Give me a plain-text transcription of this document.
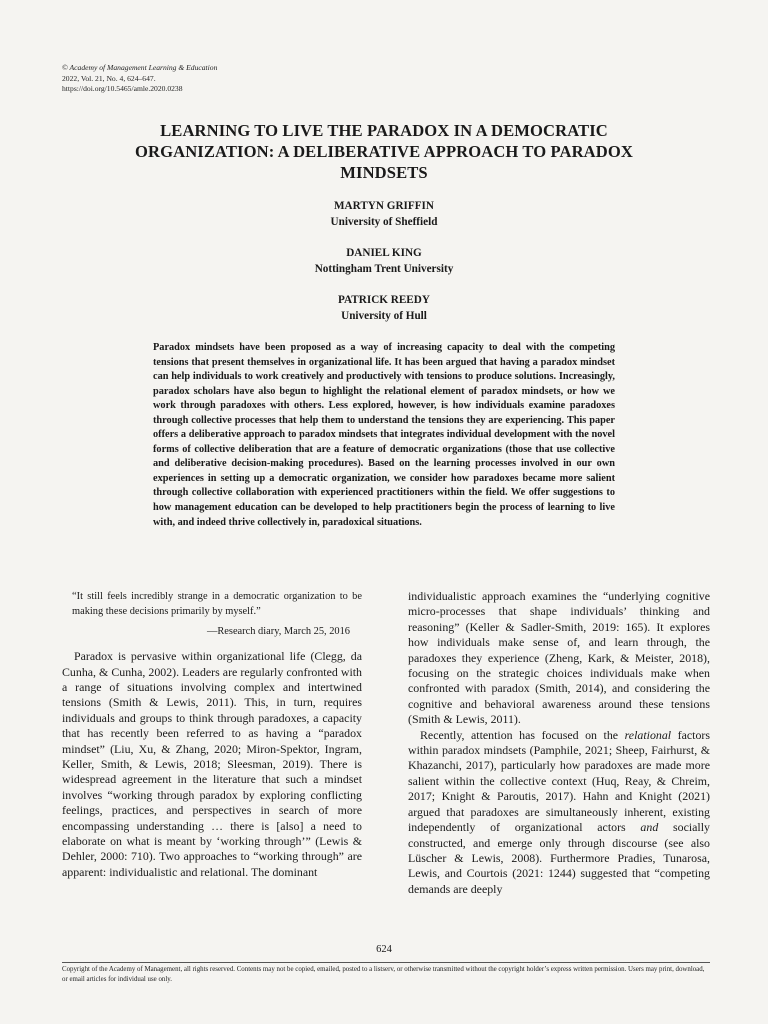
© Academy of Management Learning & Education
2022, Vol. 21, No. 4, 624–647.
https://doi.org/10.5465/amle.2020.0238
LEARNING TO LIVE THE PARADOX IN A DEMOCRATIC ORGANIZATION: A DELIBERATIVE APPROACH TO PARADOX MINDSETS
MARTYN GRIFFIN
University of Sheffield
DANIEL KING
Nottingham Trent University
PATRICK REEDY
University of Hull
Paradox mindsets have been proposed as a way of increasing capacity to deal with the competing tensions that present themselves in organizational life. It has been argued that having a paradox mindset can help individuals to work creatively and productively with tensions to produce solutions. Increasingly, paradox scholars have also begun to highlight the relational element of paradox mindsets, or how we work through paradoxes with others. Less explored, however, is how individuals examine paradoxes through collective processes that help them to understand the tensions they are experiencing. This paper offers a deliberative approach to paradox mindsets that integrates individual development with the novel forms of collective deliberation that are a feature of democratic organizations (those that use collective and deliberative decision-making procedures). Based on the learning processes involved in our own experiences in setting up a democratic organization, we consider how paradoxes became more salient through collective collaboration with experienced practitioners within the field. We offer suggestions to how management education can be developed to help practitioners begin the process of learning to live with, and indeed thrive collectively in, paradoxical situations.

“It still feels incredibly strange in a democratic organization to be making these decisions primarily by myself.”

—Research diary, March 25, 2016

Paradox is pervasive within organizational life (Clegg, da Cunha, & Cunha, 2002). Leaders are regularly confronted with a range of situations involving complex and intertwined tensions (Smith & Lewis, 2011). This, in turn, requires individuals and groups to think through paradoxes, a capacity that has recently been referred to as having a “paradox mindset” (Liu, Xu, & Zhang, 2020; Miron-Spektor, Ingram, Keller, Smith, & Lewis, 2018; Sleesman, 2019). There is widespread agreement in the literature that such a mindset involves “working through paradox by exploring conflicting feelings, practices, and perspectives in search of more encompassing understanding … there is [also] a need to elaborate on what is meant by ‘working through’” (Lewis & Dehler, 2000: 710). Two approaches to “working through” are apparent: individualistic and relational. The dominant

individualistic approach examines the “underlying cognitive micro-processes that shape individuals’ thinking and reasoning” (Keller & Sadler-Smith, 2019: 165). It explores how individuals make sense of, and learn through, the paradoxes they experience (Zheng, Kark, & Meister, 2018), focusing on the strategic choices individuals make when confronted with paradox (Smith, 2014), and considering the cognitive and behavioral awareness around these tensions (Smith & Lewis, 2011).

Recently, attention has focused on the relational factors within paradox mindsets (Pamphile, 2021; Sheep, Fairhurst, & Khazanchi, 2017), particularly how paradoxes are made more salient within the collective context (Huq, Reay, & Chreim, 2017; Knight & Paroutis, 2017). Hahn and Knight (2021) argued that paradoxes are simultaneously inherent, existing independently of organizational actors and socially constructed, and emerge only through discourse (see also Lüscher & Lewis, 2008). Furthermore Pradies, Tunarosa, Lewis, and Courtois (2021: 1244) suggested that “competing demands are deeply

624
Copyright of the Academy of Management, all rights reserved. Contents may not be copied, emailed, posted to a listserv, or otherwise transmitted without the copyright holder’s express written permission. Users may print, download, or email articles for individual use only.
